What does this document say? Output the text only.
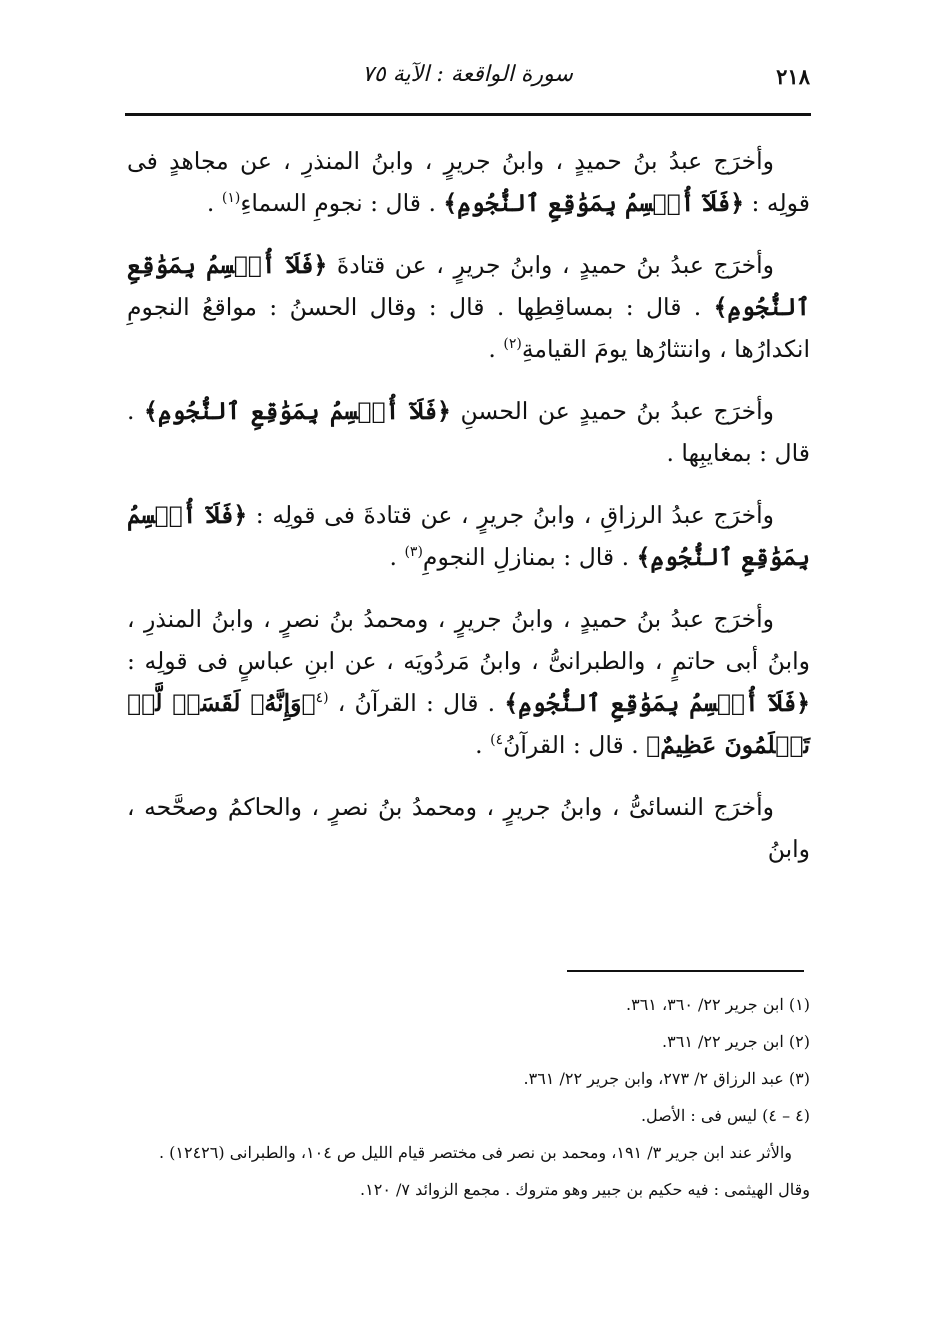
٢١٨
سورة الواقعة : الآية ٧٥

وأخرَج عبدُ بنُ حميدٍ ، وابنُ جريرٍ ، وابنُ المنذرِ ، عن مجاهدٍ فى قولِه : ﴿فَلَآ أُقۡسِمُ بِمَوَٰقِعِ ٱلنُّجُومِ﴾ . قال : نجومِ السماءِ$^{(١)}$ .

وأخرَج عبدُ بنُ حميدٍ ، وابنُ جريرٍ ، عن قتادةَ ﴿فَلَآ أُقۡسِمُ بِمَوَٰقِعِ ٱلنُّجُومِ﴾ . قال : بمساقِطِها . قال : وقال الحسنُ : مواقعُ النجومِ انكدارُها ، وانتثارُها يومَ القيامةِ$^{(٢)}$ .

وأخرَج عبدُ بنُ حميدٍ عن الحسنِ ﴿فَلَآ أُقۡسِمُ بِمَوَٰقِعِ ٱلنُّجُومِ﴾ . قال : بمغايبِها .

وأخرَج عبدُ الرزاقِ ، وابنُ جريرٍ ، عن قتادةَ فى قولِه : ﴿فَلَآ أُقۡسِمُ بِمَوَٰقِعِ ٱلنُّجُومِ﴾ . قال : بمنازلِ النجومِ$^{(٣)}$ .

وأخرَج عبدُ بنُ حميدٍ ، وابنُ جريرٍ ، ومحمدُ بنُ نصرٍ ، وابنُ المنذرِ ، وابنُ أبى حاتمٍ ، والطبرانىُّ ، وابنُ مَردُويَه ، عن ابنِ عباسٍ فى قولِه : ﴿فَلَآ أُقۡسِمُ بِمَوَٰقِعِ ٱلنُّجُومِ﴾ . قال : القرآنُ ، $^{(٤}$﴿وَإِنَّهُۥ لَقَسَمٞ لَّوۡ تَعۡلَمُونَ عَظِيمٌ﴾ . قال : القرآنُ$^{٤)}$ .

وأخرَج النسائىُّ ، وابنُ جريرٍ ، ومحمدُ بنُ نصرٍ ، والحاكمُ وصحَّحه ، وابنُ

(١) ابن جرير ٢٢/ ٣٦٠، ٣٦١.

(٢) ابن جرير ٢٢/ ٣٦١.

(٣) عبد الرزاق ٢/ ٢٧٣، وابن جرير ٢٢/ ٣٦١.

(٤ – ٤) ليس فى : الأصل.

والأثر عند ابن جرير ٣/ ١٩١، ومحمد بن نصر فى مختصر قيام الليل ص ١٠٤، والطبرانى (١٢٤٢٦) . وقال الهيثمى : فيه حكيم بن جبير وهو متروك . مجمع الزوائد ٧/ ١٢٠.
